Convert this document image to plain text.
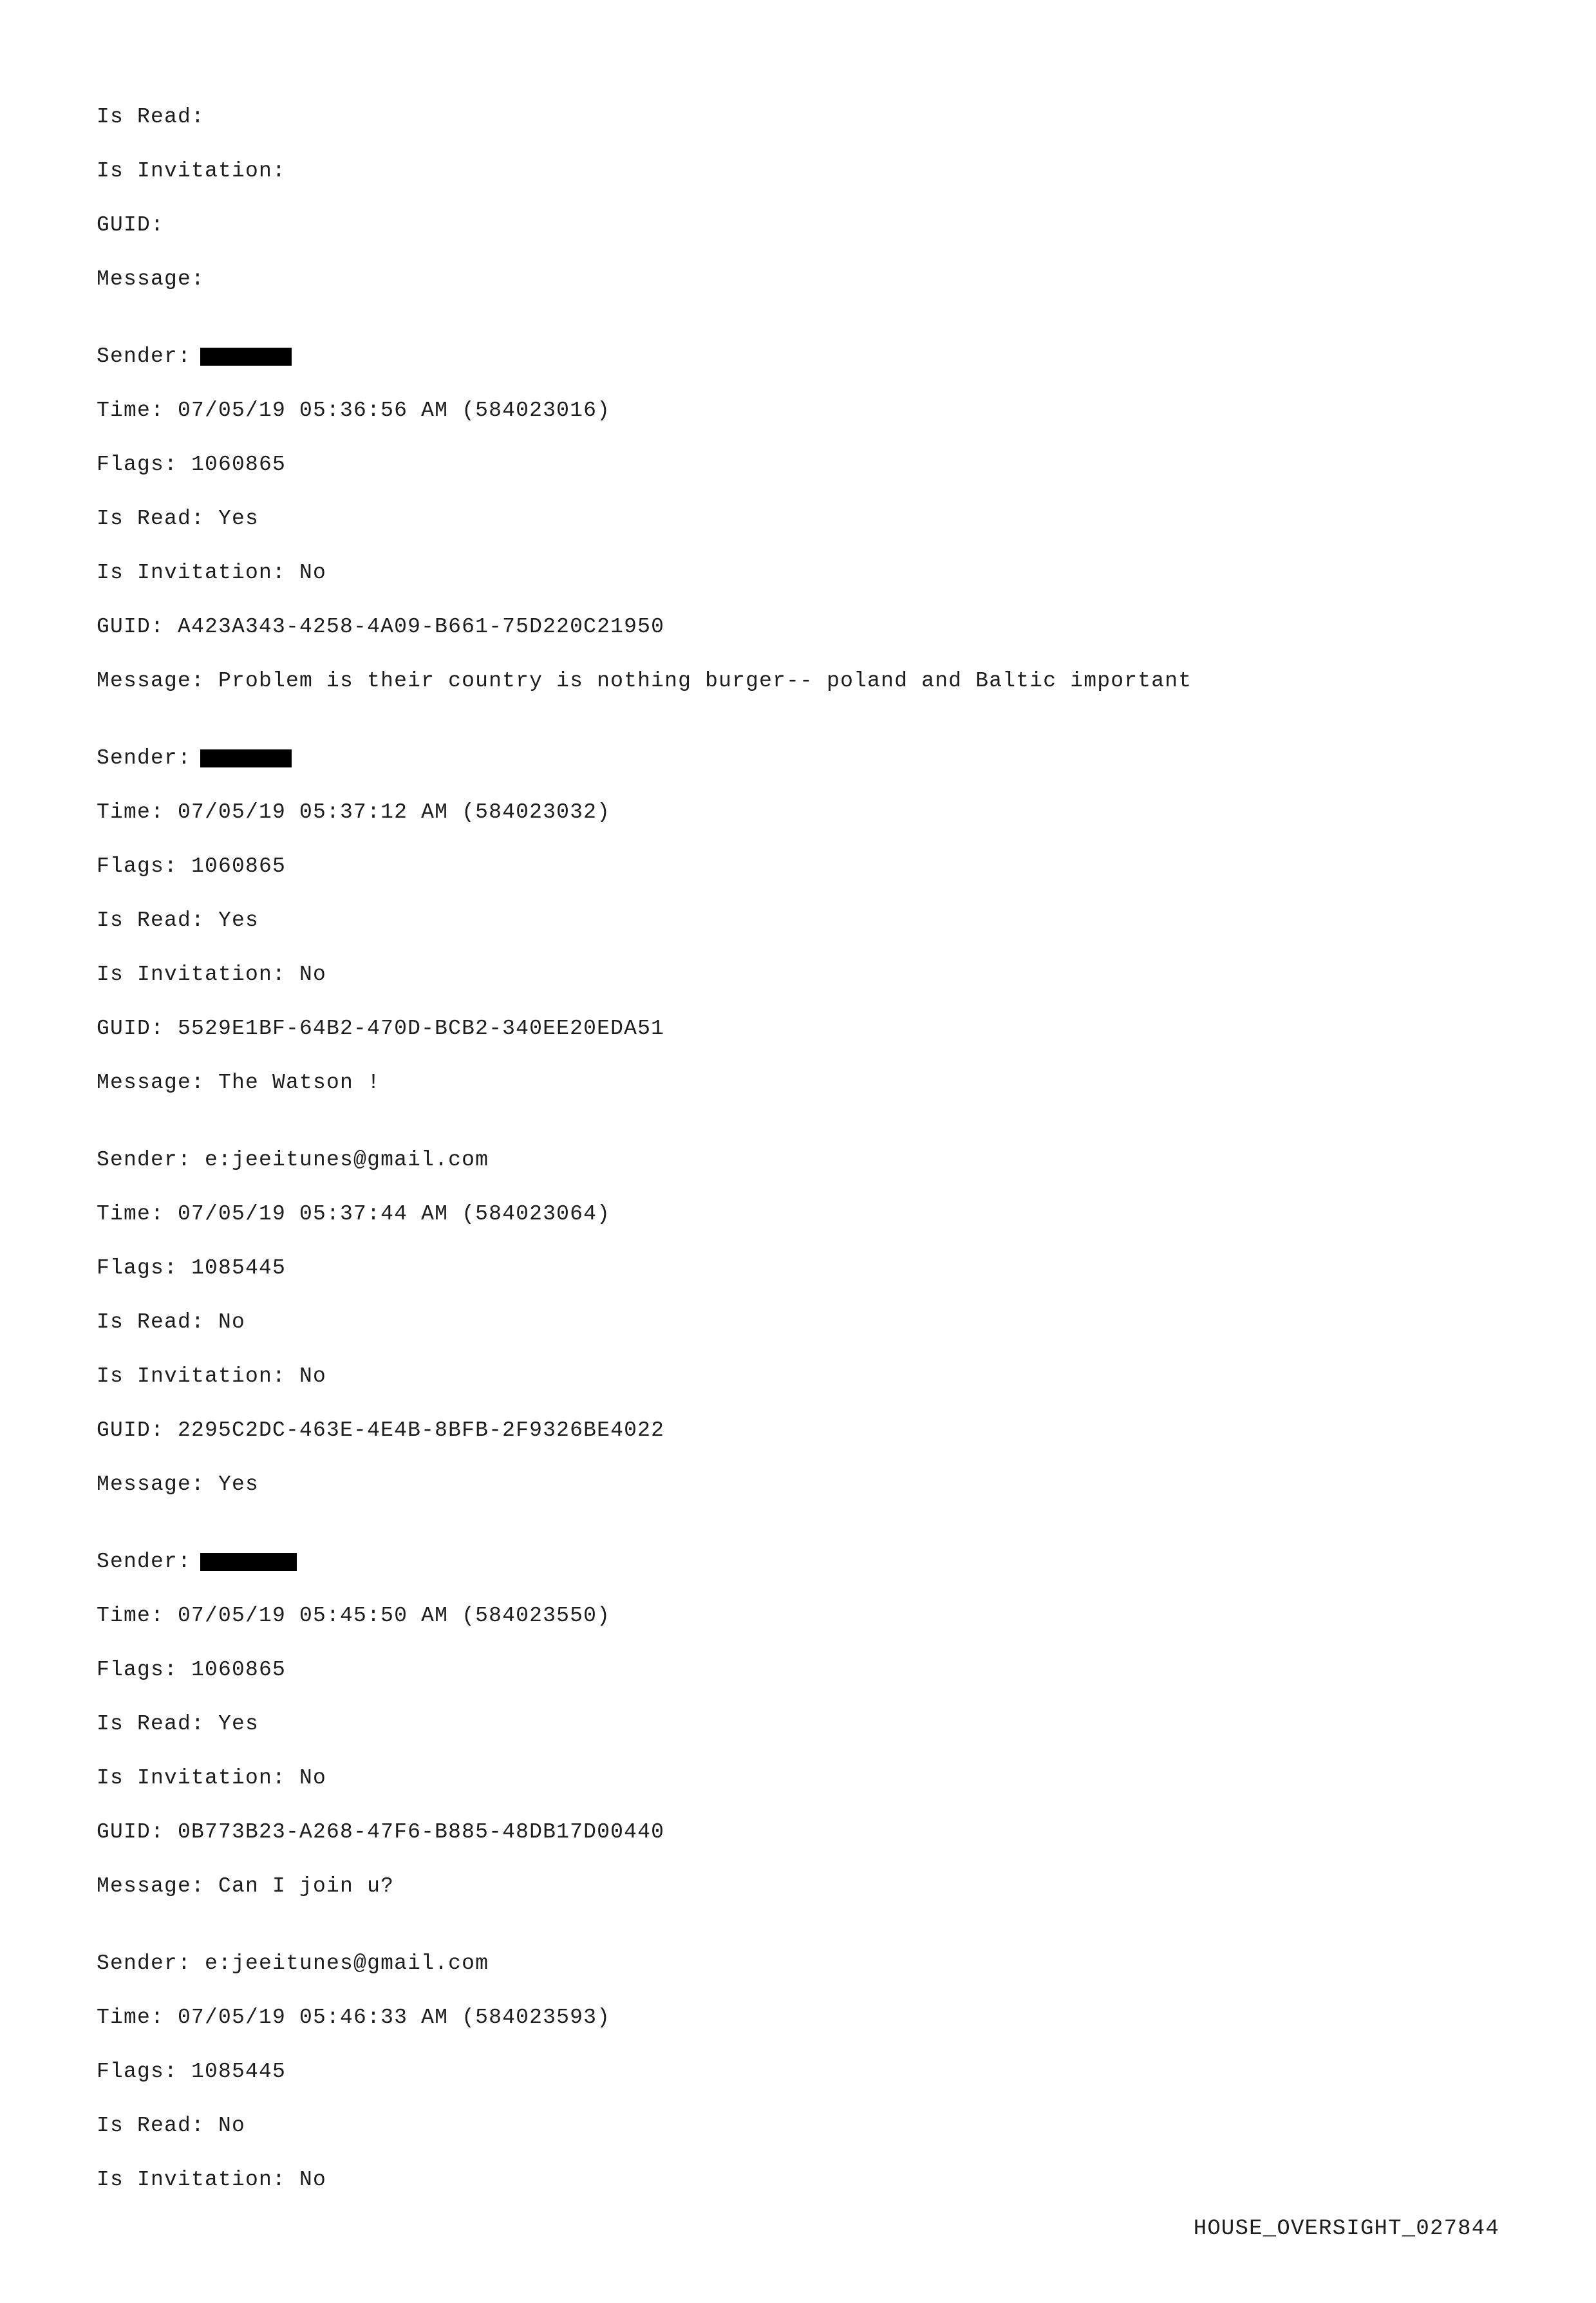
Is Read:
Is Invitation:
GUID:
Message:
Sender:
Time: 07/05/19 05:36:56 AM (584023016)
Flags: 1060865
Is Read: Yes
Is Invitation: No
GUID: A423A343-4258-4A09-B661-75D220C21950
Message: Problem is their country is nothing burger-- poland and Baltic important
Sender:
Time: 07/05/19 05:37:12 AM (584023032)
Flags: 1060865
Is Read: Yes
Is Invitation: No
GUID: 5529E1BF-64B2-470D-BCB2-340EE20EDA51
Message: The Watson !
Sender: e:jeeitunes@gmail.com
Time: 07/05/19 05:37:44 AM (584023064)
Flags: 1085445
Is Read: No
Is Invitation: No
GUID: 2295C2DC-463E-4E4B-8BFB-2F9326BE4022
Message: Yes
Sender:
Time: 07/05/19 05:45:50 AM (584023550)
Flags: 1060865
Is Read: Yes
Is Invitation: No
GUID: 0B773B23-A268-47F6-B885-48DB17D00440
Message: Can I join u?
Sender: e:jeeitunes@gmail.com
Time: 07/05/19 05:46:33 AM (584023593)
Flags: 1085445
Is Read: No
Is Invitation: No
HOUSE_OVERSIGHT_027844
